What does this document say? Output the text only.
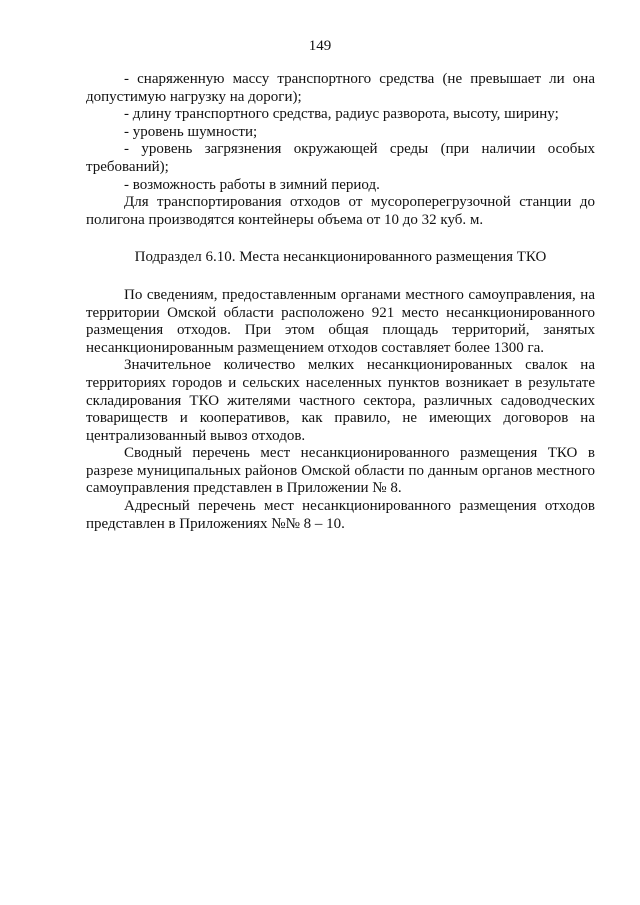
149

- снаряженную массу транспортного средства (не превышает ли она допустимую нагрузку на дороги);

- длину транспортного средства, радиус разворота, высоту, ширину;

- уровень шумности;

- уровень загрязнения окружающей среды (при наличии особых требований);

- возможность работы в зимний период.

Для транспортирования отходов от мусороперегрузочной станции до полигона производятся контейнеры объема от 10 до 32 куб. м.

Подраздел 6.10. Места несанкционированного размещения ТКО

По сведениям, предоставленным органами местного самоуправления, на территории Омской области расположено 921 место несанкционированного размещения отходов. При этом общая площадь территорий, занятых несанкционированным размещением отходов составляет более 1300 га.

Значительное количество мелких несанкционированных свалок на территориях городов и сельских населенных пунктов возникает в результате складирования ТКО жителями частного сектора, различных садоводческих товариществ и кооперативов, как правило, не имеющих договоров на централизованный вывоз отходов.

Сводный перечень мест несанкционированного размещения ТКО в разрезе муниципальных районов Омской области по данным органов местного самоуправления представлен в Приложении № 8.

Адресный перечень мест несанкционированного размещения отходов представлен в Приложениях №№ 8 – 10.
